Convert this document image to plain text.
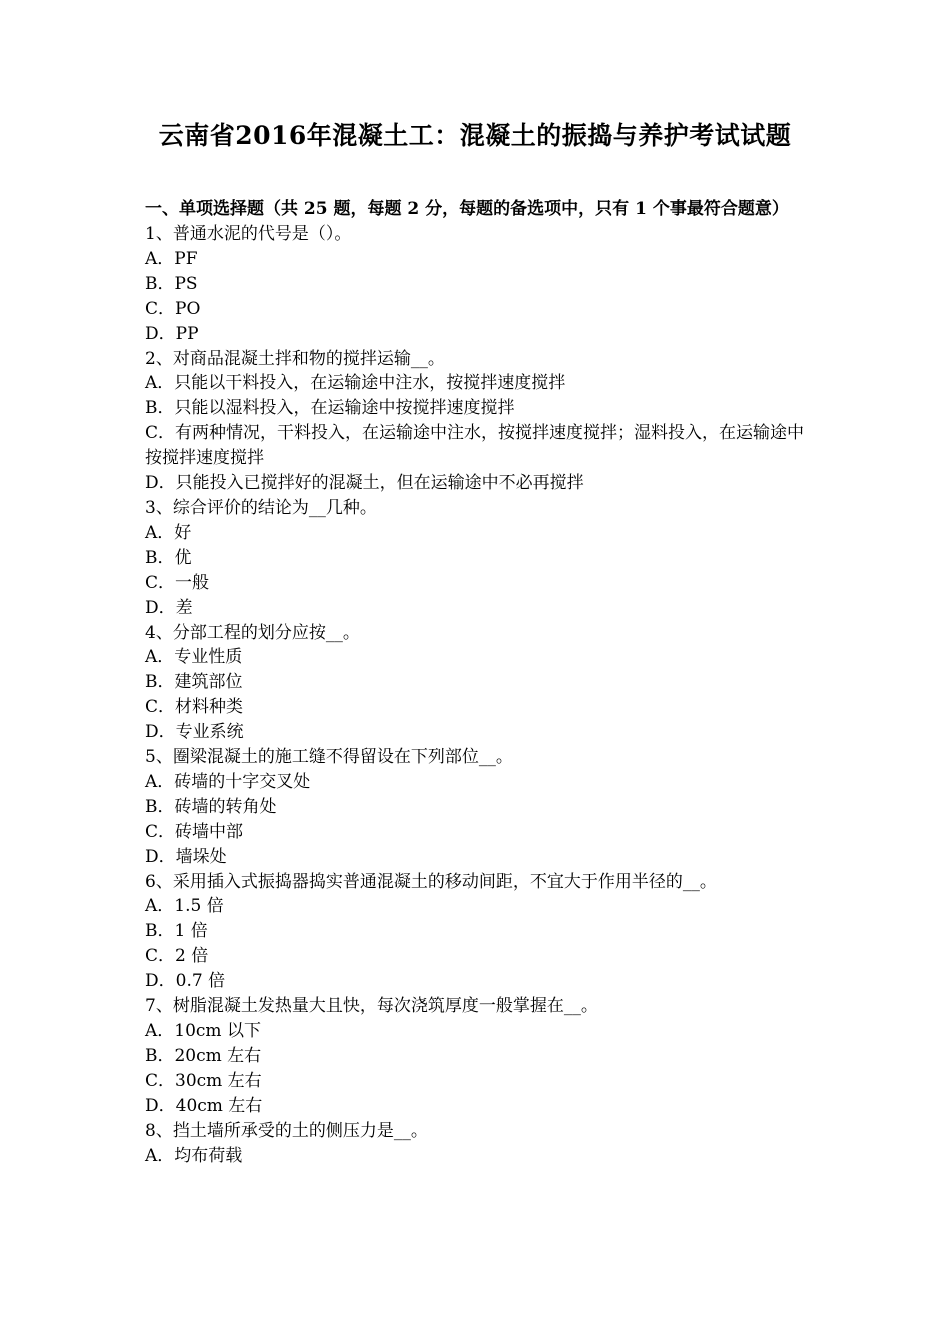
云南省2016年混凝土工：混凝土的振捣与养护考试试题
一、单项选择题（共 25 题，每题 2 分，每题的备选项中，只有 1 个事最符合题意）
1、普通水泥的代号是（）。
A．PF
B．PS
C．PO
D．PP
2、对商品混凝土拌和物的搅拌运输__。
A．只能以干料投入，在运输途中注水，按搅拌速度搅拌
B．只能以湿料投入，在运输途中按搅拌速度搅拌
C．有两种情况，干料投入，在运输途中注水，按搅拌速度搅拌；湿料投入，在运输途中按搅拌速度搅拌
D．只能投入已搅拌好的混凝土，但在运输途中不必再搅拌
3、综合评价的结论为__几种。
A．好
B．优
C．一般
D．差
4、分部工程的划分应按__。
A．专业性质
B．建筑部位
C．材料种类
D．专业系统
5、圈梁混凝土的施工缝不得留设在下列部位__。
A．砖墙的十字交叉处
B．砖墙的转角处
C．砖墙中部
D．墙垛处
6、采用插入式振捣器捣实普通混凝土的移动间距，不宜大于作用半径的__。
A．1.5 倍
B．1 倍
C．2 倍
D．0.7 倍
7、树脂混凝土发热量大且快，每次浇筑厚度一般掌握在__。
A．10cm 以下
B．20cm 左右
C．30cm 左右
D．40cm 左右
8、挡土墙所承受的土的侧压力是__。
A．均布荷载
